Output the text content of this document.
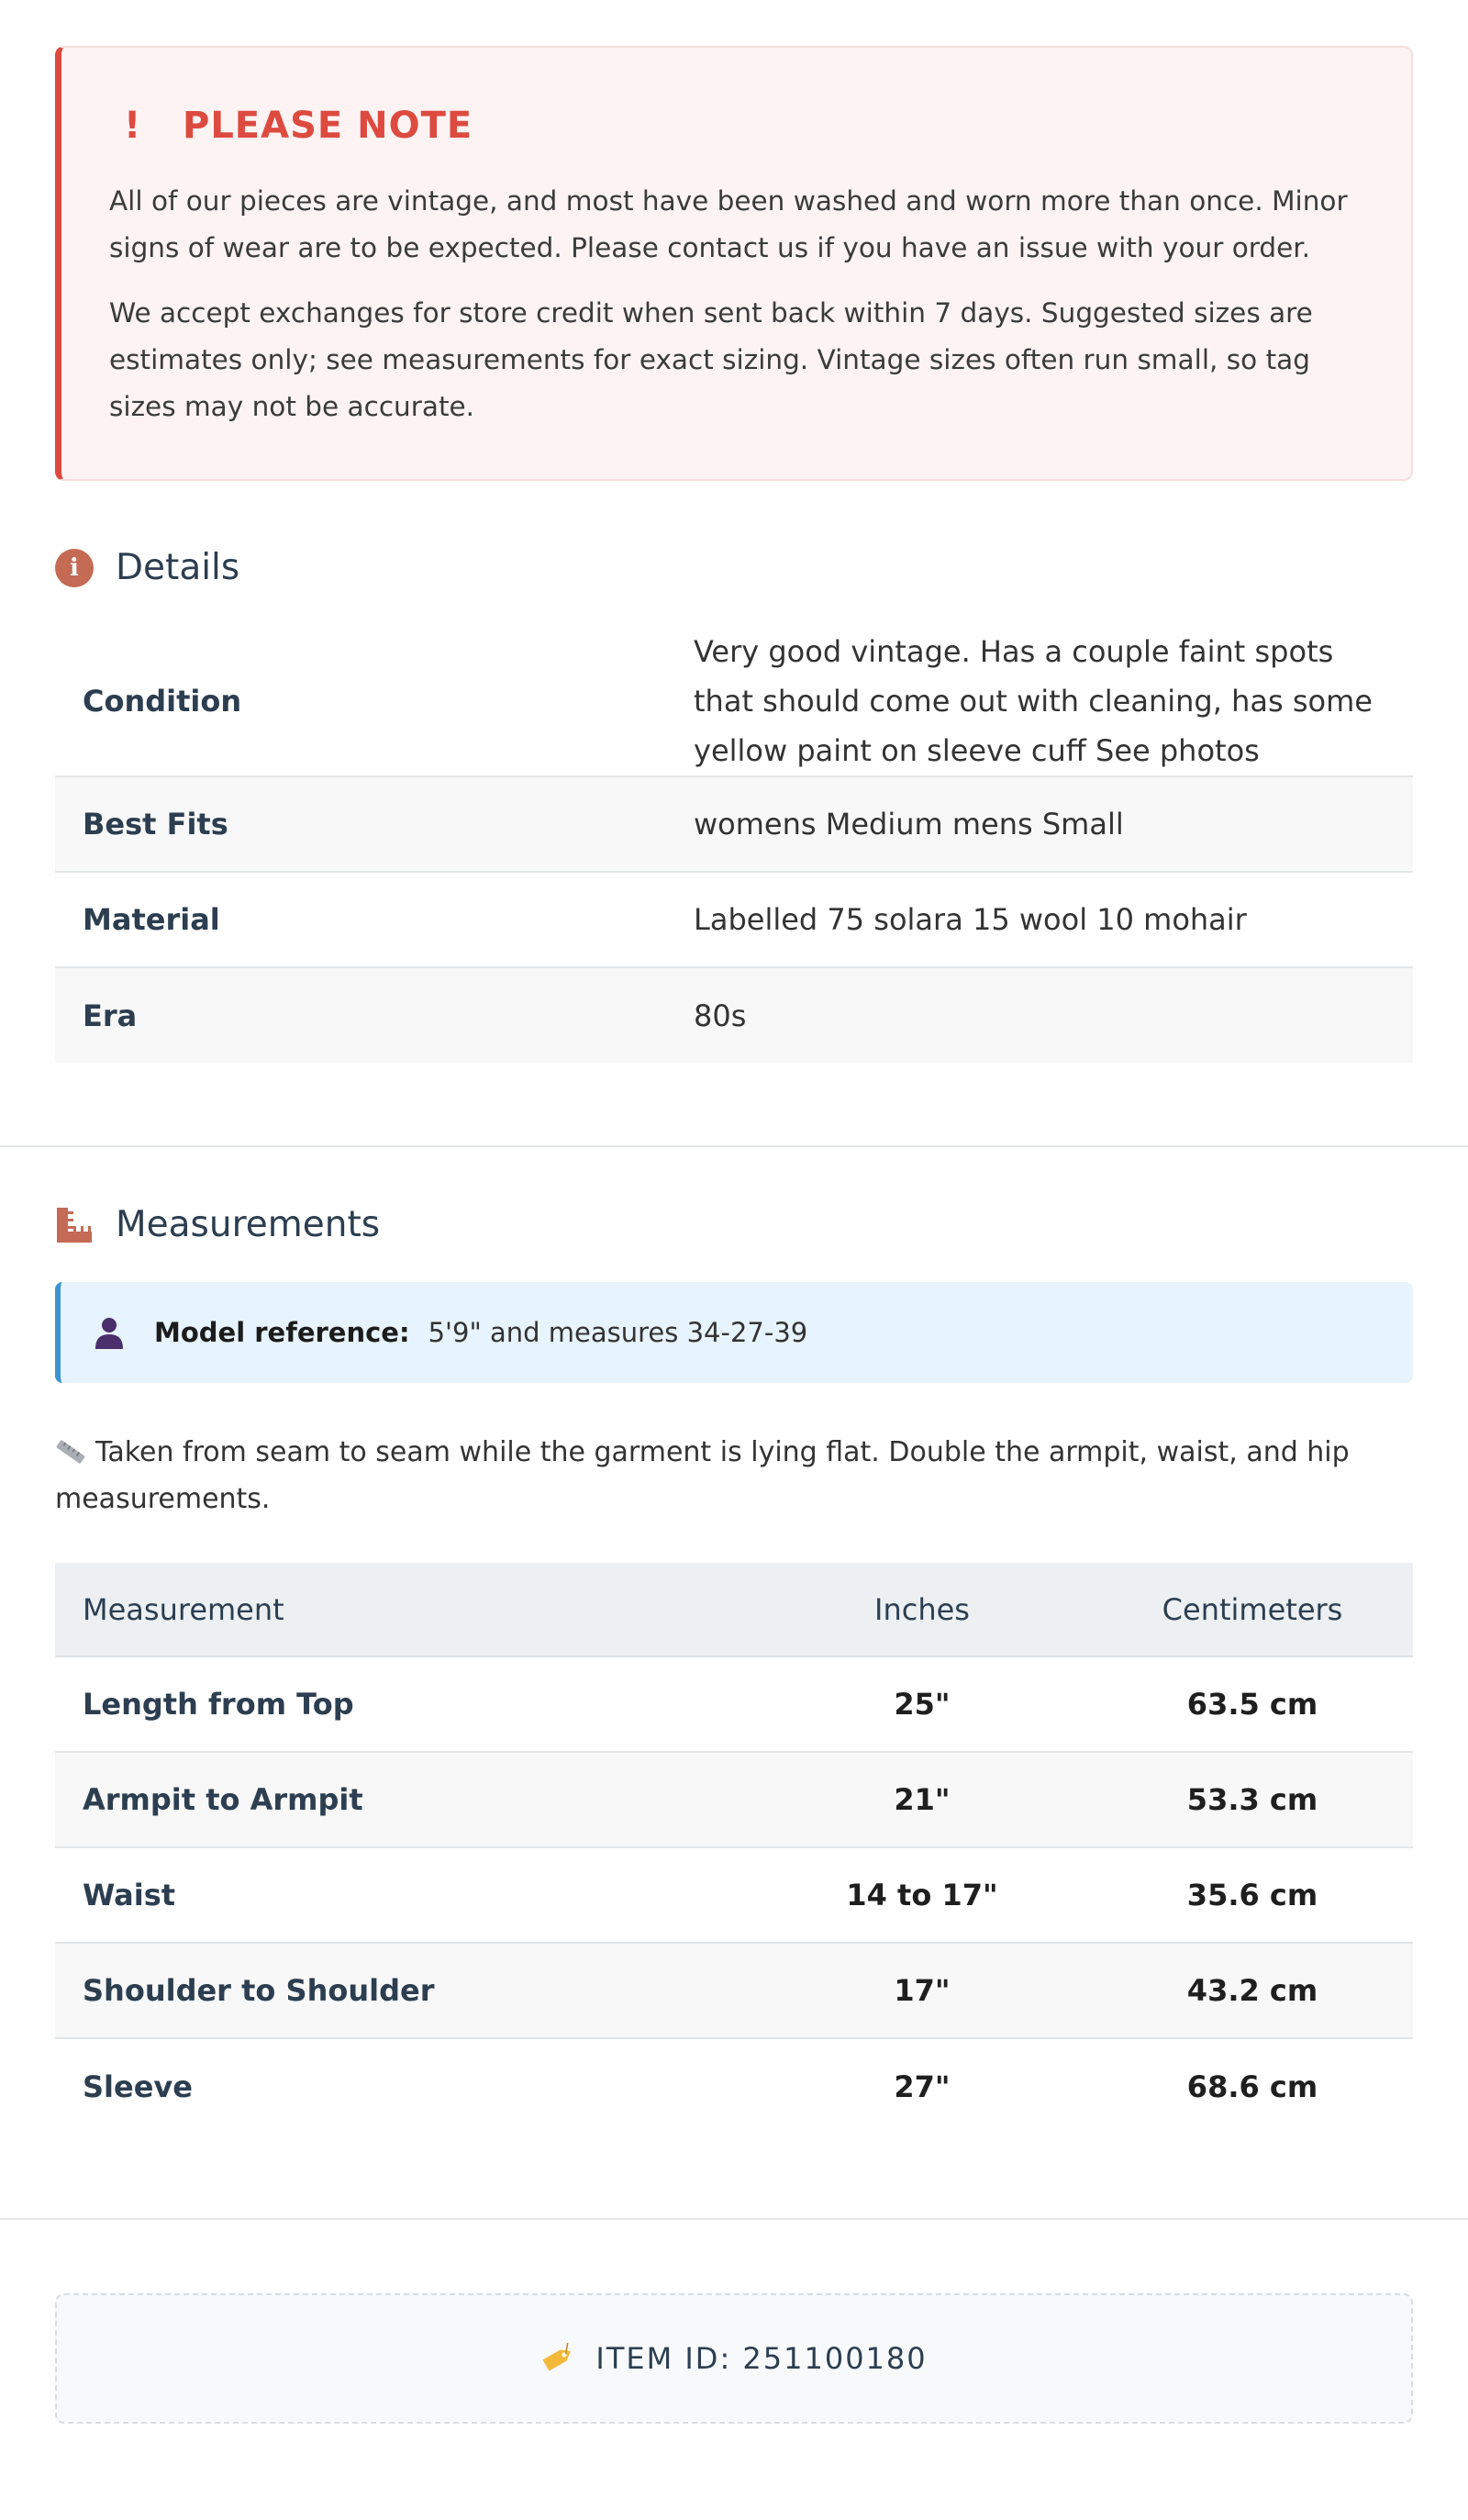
!	PLEASE NOTE

All of our pieces are vintage, and most have been washed and worn more than once. Minor signs of wear are to be expected. Please contact us if you have an issue with your order.

We accept exchanges for store credit when sent back within 7 days. Suggested sizes are estimates only; see measurements for exact sizing. Vintage sizes often run small, so tag sizes may not be accurate.

i	Details
Condition	Very good vintage. Has a couple faint spots that should come out with cleaning, has some yellow paint on sleeve cuff See photos
Best Fits	womens Medium mens Small
Material	Labelled 75 solara 15 wool 10 mohair
Era	80s
Measurements
Model reference: 5'9" and measures 34-27-39
Taken from seam to seam while the garment is lying flat. Double the armpit, waist, and hip measurements.
Measurement	Inches	Centimeters
Length from Top	25"	63.5 cm
Armpit to Armpit	21"	53.3 cm
Waist	14 to 17"	35.6 cm
Shoulder to Shoulder	17"	43.2 cm
Sleeve	27"	68.6 cm
ITEM ID: 251100180
